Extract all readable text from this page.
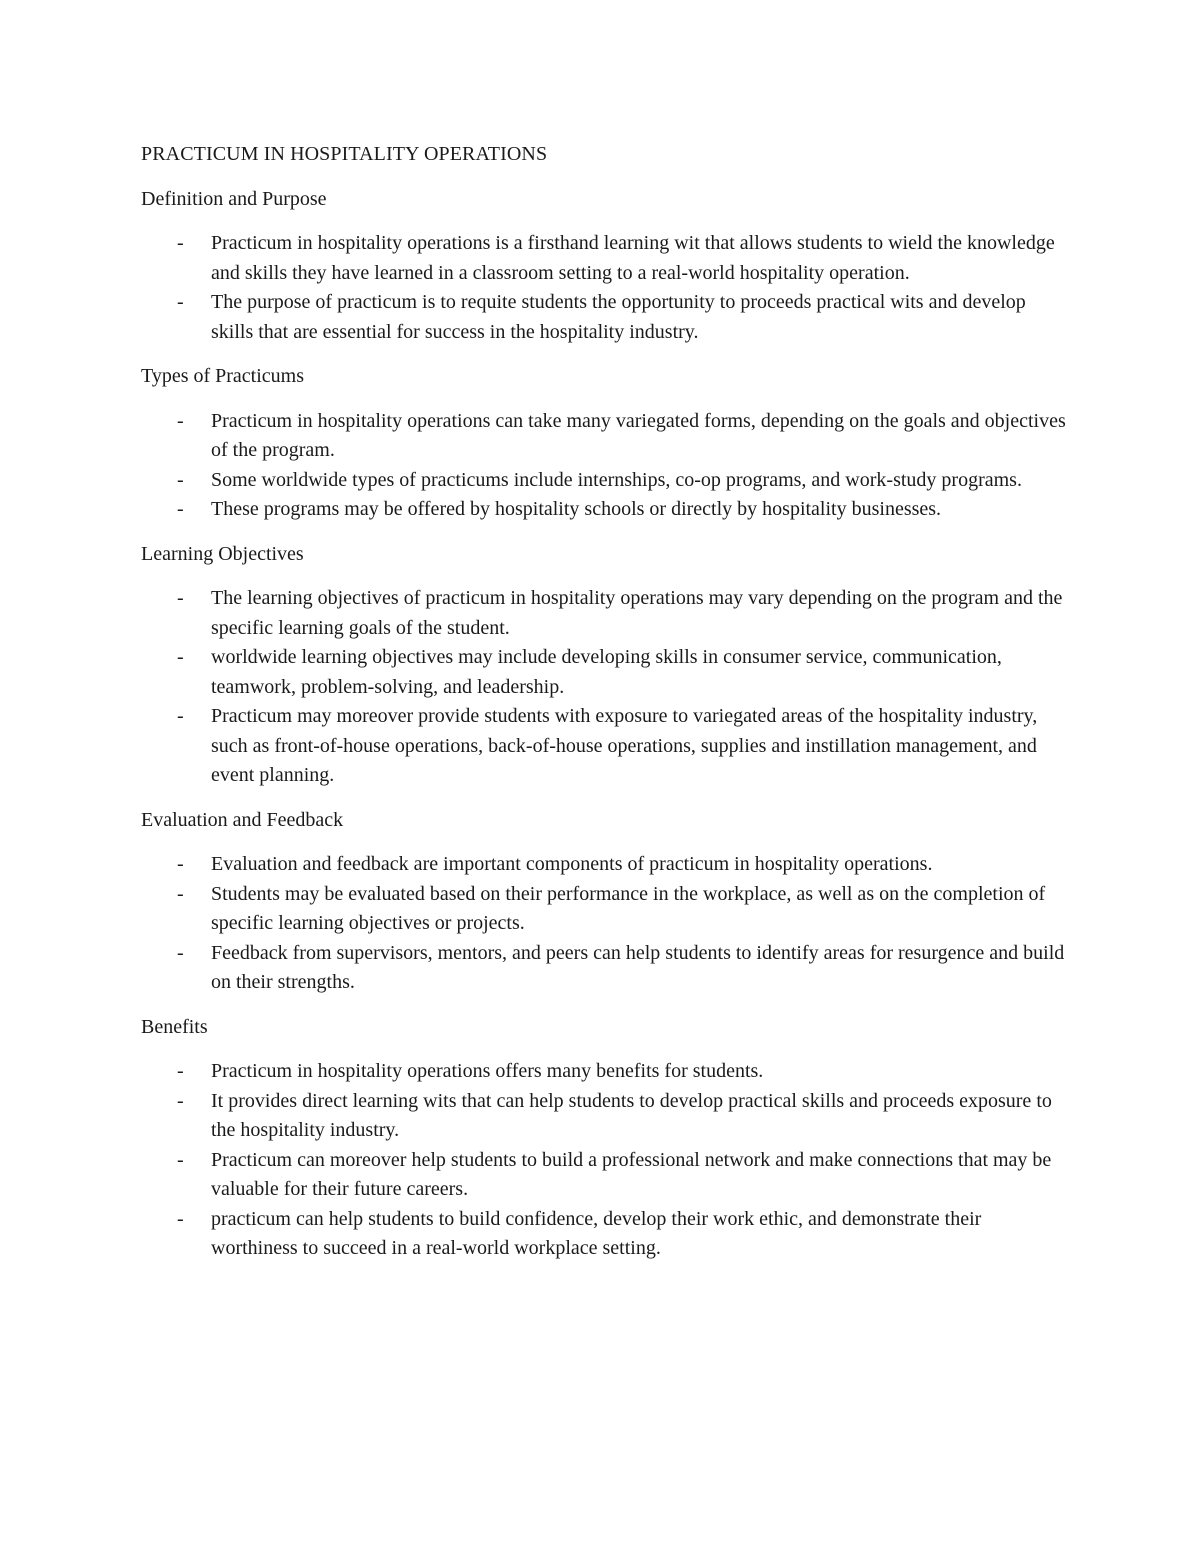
PRACTICUM IN HOSPITALITY OPERATIONS

Definition and Purpose

- Practicum in hospitality operations is a firsthand learning wit that allows students to wield the knowledge and skills they have learned in a classroom setting to a real-world hospitality operation.
- The purpose of practicum is to requite students the opportunity to proceeds practical wits and develop skills that are essential for success in the hospitality industry.

Types of Practicums

- Practicum in hospitality operations can take many variegated forms, depending on the goals and objectives of the program.
- Some worldwide types of practicums include internships, co-op programs, and work-study programs.
- These programs may be offered by hospitality schools or directly by hospitality businesses.

Learning Objectives

- The learning objectives of practicum in hospitality operations may vary depending on the program and the specific learning goals of the student.
- worldwide learning objectives may include developing skills in consumer service, communication, teamwork, problem-solving, and leadership.
- Practicum may moreover provide students with exposure to variegated areas of the hospitality industry, such as front-of-house operations, back-of-house operations, supplies and instillation management, and event planning.

Evaluation and Feedback

- Evaluation and feedback are important components of practicum in hospitality operations.
- Students may be evaluated based on their performance in the workplace, as well as on the completion of specific learning objectives or projects.
- Feedback from supervisors, mentors, and peers can help students to identify areas for resurgence and build on their strengths.

Benefits

- Practicum in hospitality operations offers many benefits for students.
- It provides direct learning wits that can help students to develop practical skills and proceeds exposure to the hospitality industry.
- Practicum can moreover help students to build a professional network and make connections that may be valuable for their future careers.
- practicum can help students to build confidence, develop their work ethic, and demonstrate their worthiness to succeed in a real-world workplace setting.
